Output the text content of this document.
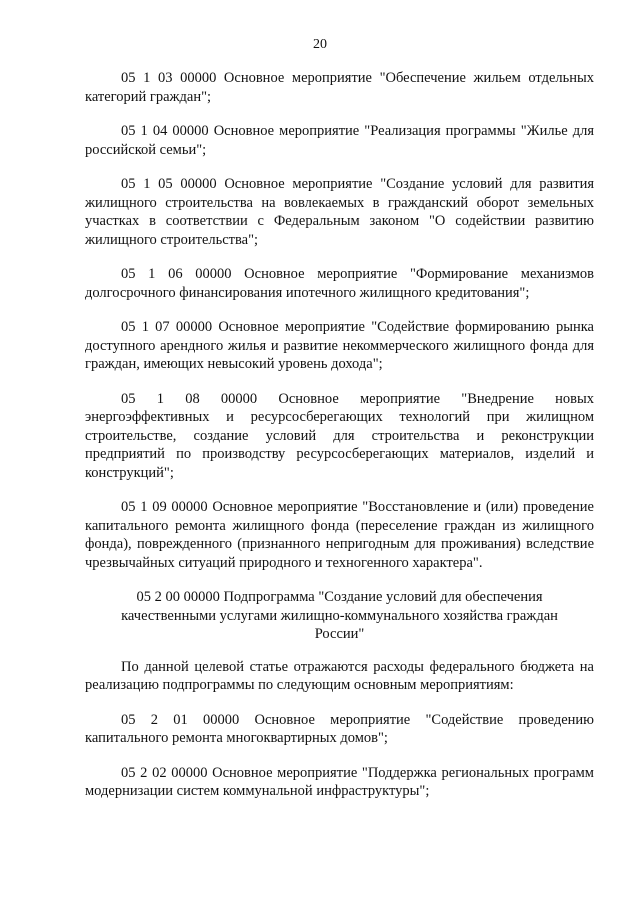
20

05 1 03 00000 Основное мероприятие "Обеспечение жильем отдельных категорий граждан";

05 1 04 00000 Основное мероприятие "Реализация программы "Жилье для российской семьи";

05 1 05 00000 Основное мероприятие "Создание условий для развития жилищного строительства на вовлекаемых в гражданский оборот земельных участках в соответствии с Федеральным законом "О содействии развитию жилищного строительства";

05 1 06 00000 Основное мероприятие "Формирование механизмов долгосрочного финансирования ипотечного жилищного кредитования";

05 1 07 00000 Основное мероприятие "Содействие формированию рынка доступного арендного жилья и развитие некоммерческого жилищного фонда для граждан, имеющих невысокий уровень дохода";

05 1 08 00000 Основное мероприятие "Внедрение новых энергоэффективных и ресурсосберегающих технологий при жилищном строительстве, создание условий для строительства и реконструкции предприятий по производству ресурсосберегающих материалов, изделий и конструкций";

05 1 09 00000 Основное мероприятие "Восстановление и (или) проведение капитального ремонта жилищного фонда (переселение граждан из жилищного фонда), поврежденного (признанного непригодным для проживания) вследствие чрезвычайных ситуаций природного и техногенного характера".

05 2 00 00000 Подпрограмма "Создание условий для обеспечения качественными услугами жилищно-коммунального хозяйства граждан России"

По данной целевой статье отражаются расходы федерального бюджета на реализацию подпрограммы по следующим основным мероприятиям:

05 2 01 00000 Основное мероприятие "Содействие проведению капитального ремонта многоквартирных домов";

05 2 02 00000 Основное мероприятие "Поддержка региональных программ модернизации систем коммунальной инфраструктуры";
